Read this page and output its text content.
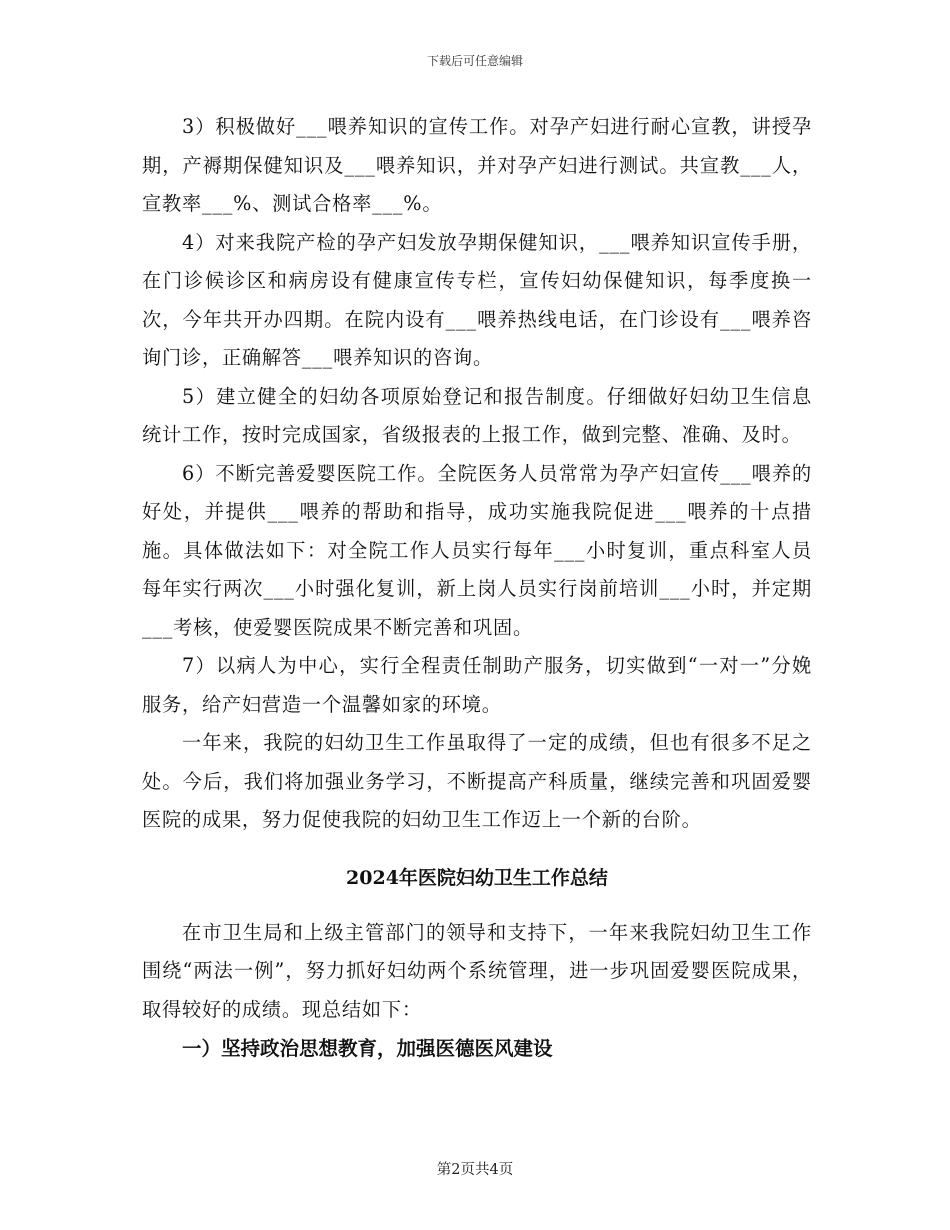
下载后可任意编辑

3）积极做好___喂养知识的宣传工作。对孕产妇进行耐心宣教，讲授孕期，产褥期保健知识及___喂养知识，并对孕产妇进行测试。共宣教___人，宣教率___%、测试合格率___%。

4）对来我院产检的孕产妇发放孕期保健知识，___喂养知识宣传手册，在门诊候诊区和病房设有健康宣传专栏，宣传妇幼保健知识，每季度换一次，今年共开办四期。在院内设有___喂养热线电话，在门诊设有___喂养咨询门诊，正确解答___喂养知识的咨询。

5）建立健全的妇幼各项原始登记和报告制度。仔细做好妇幼卫生信息统计工作，按时完成国家，省级报表的上报工作，做到完整、准确、及时。

6）不断完善爱婴医院工作。全院医务人员常常为孕产妇宣传___喂养的好处，并提供___喂养的帮助和指导，成功实施我院促进___喂养的十点措施。具体做法如下：对全院工作人员实行每年___小时复训，重点科室人员每年实行两次___小时强化复训，新上岗人员实行岗前培训___小时，并定期___考核，使爱婴医院成果不断完善和巩固。

7）以病人为中心，实行全程责任制助产服务，切实做到“一对一”分娩服务，给产妇营造一个温馨如家的环境。

一年来，我院的妇幼卫生工作虽取得了一定的成绩，但也有很多不足之处。今后，我们将加强业务学习，不断提高产科质量，继续完善和巩固爱婴医院的成果，努力促使我院的妇幼卫生工作迈上一个新的台阶。

2024年医院妇幼卫生工作总结

在市卫生局和上级主管部门的领导和支持下，一年来我院妇幼卫生工作围绕“两法一例”，努力抓好妇幼两个系统管理，进一步巩固爱婴医院成果，取得较好的成绩。现总结如下：

一）坚持政治思想教育，加强医德医风建设

第2页共4页
